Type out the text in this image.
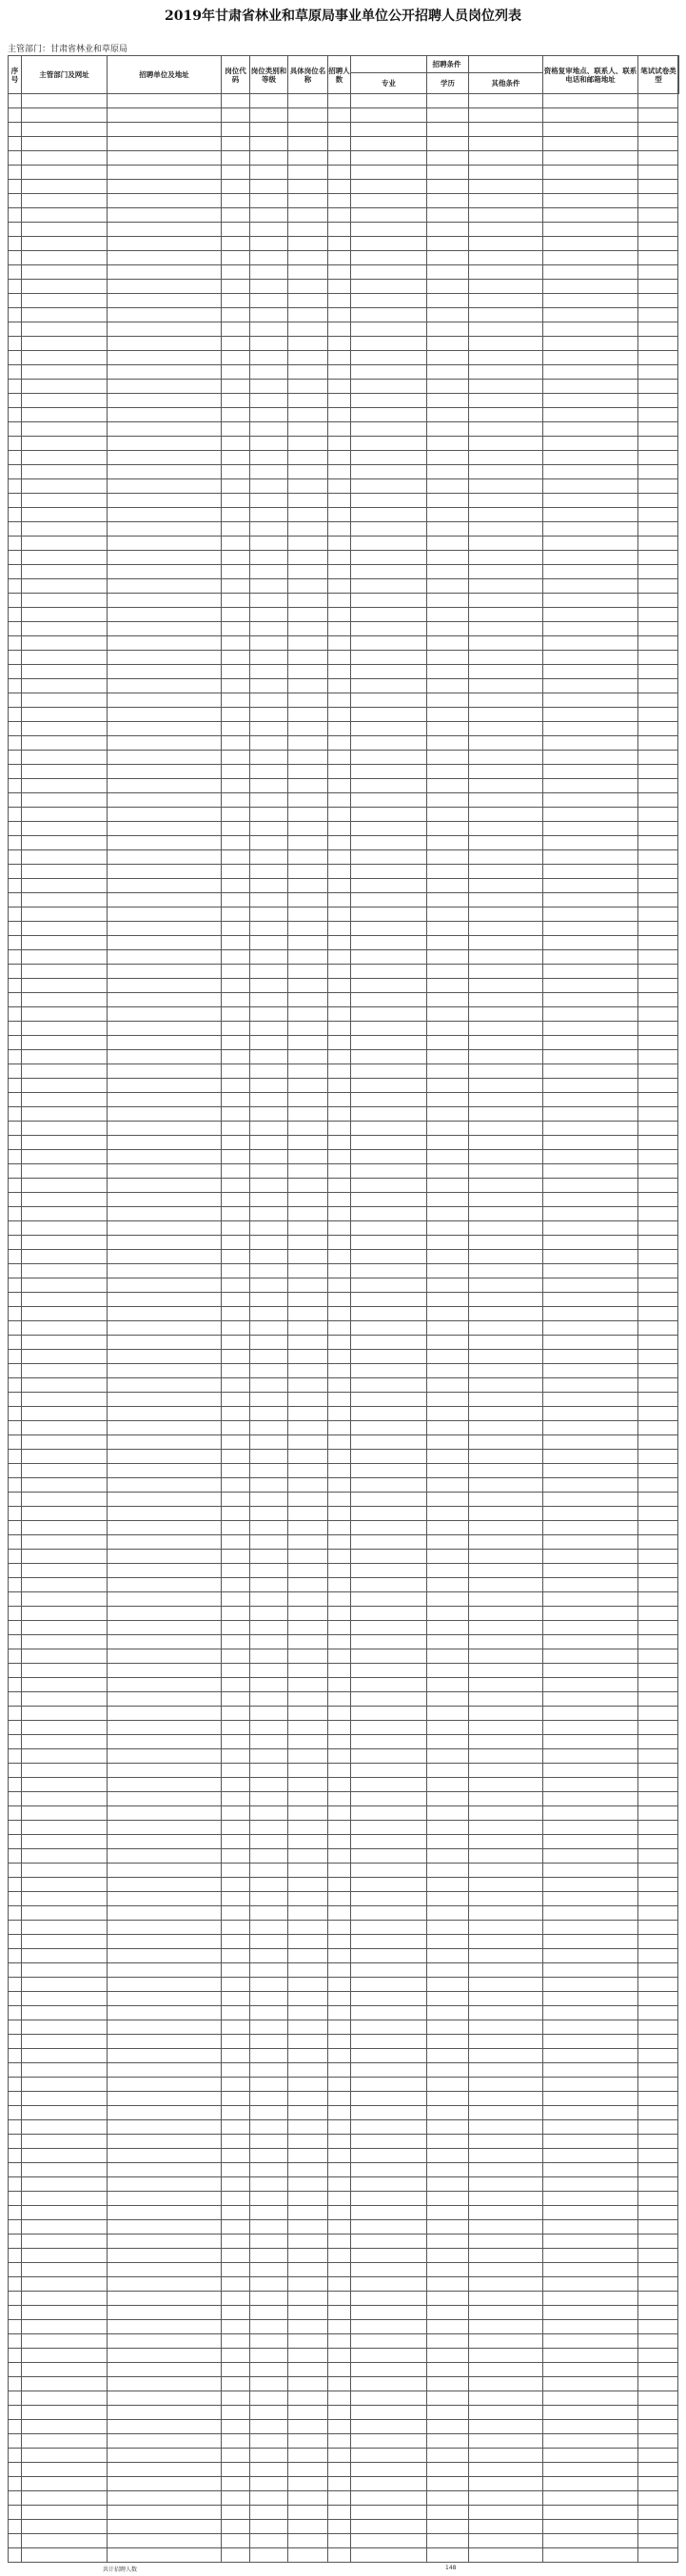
2019年甘肃省林业和草原局事业单位公开招聘人员岗位列表
主管部门：甘肃省林业和草原局
序号	主管部门及网址	招聘单位及地址	岗位代码	岗位类别和等级	具体岗位名称	招聘人数	招聘条件			资格复审地点、联系人、联系电话和邮箱地址	笔试试卷类型
							专业	学历	其他条件		
共计招聘人数	148
